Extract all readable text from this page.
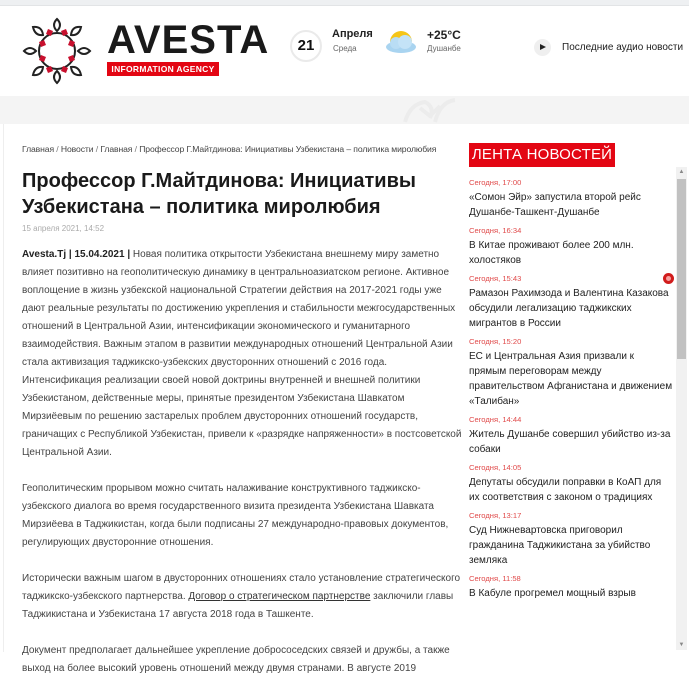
AVESTA
INFORMATION AGENCY
21
Апреля
Среда
+25°C
Душанбе	Последние аудио новости
Главная / Новости / Главная / Профессор Г.Майтдинова: Инициативы Узбекистана – политика миролюбия
Профессор Г.Майтдинова: Инициативы Узбекистана – политика миролюбия
15 апреля 2021, 14:52

Avesta.Tj | 15.04.2021 | Новая политика открытости Узбекистана внешнему миру заметно влияет позитивно на геополитическую динамику в центральноазиатском регионе. Активное воплощение в жизнь узбекской национальной Стратегии действия на 2017-2021 годы уже дают реальные результаты по достижению укрепления и стабильности межгосударственных отношений в Центральной Азии, интенсификации экономического и гуманитарного взаимодействия. Важным этапом в развитии международных отношений Центральной Азии стала активизация таджикско-узбекских двусторонних отношений с 2016 года. Интенсификация реализации своей новой доктрины внутренней и внешней политики Узбекистаном, действенные меры, принятые президентом Узбекистана Шавкатом Мирзиёевым по решению застарелых проблем двусторонних отношений государств, граничащих с Республикой Узбекистан, привели к «разрядке напряженности» в постсоветской Центральной Азии.

Геополитическим прорывом можно считать налаживание конструктивного таджикско-узбекского диалога во время государственного визита президента Узбекистана Шавката Мирзиёева в Таджикистан, когда были подписаны 27 международно-правовых документов, регулирующих двусторонние отношения.

Исторически важным шагом в двусторонних отношениях стало установление стратегического таджикско-узбекского партнерства. Договор о стратегическом партнерстве заключили главы Таджикистана и Узбекистана 17 августа 2018 года в Ташкенте.

Документ предполагает дальнейшее укрепление добрососедских связей и дружбы, а также выход на более высокий уровень отношений между двумя странами. В августе 2019

ЛЕНТА НОВОСТЕЙ
Сегодня, 17:00
«Сомон Эйр» запустила второй рейс Душанбе-Ташкент-Душанбе
Сегодня, 16:34
В Китае проживают более 200 млн. холостяков
Сегодня, 15:43
Рамазон Рахимзода и Валентина Казакова обсудили легализацию таджикских мигрантов в России
Сегодня, 15:20
ЕС и Центральная Азия призвали к прямым переговорам между правительством Афганистана и движением «Талибан»
Сегодня, 14:44
Житель Душанбе совершил убийство из-за собаки
Сегодня, 14:05
Депутаты обсудили поправки в КоАП для их соответствия с законом о традициях
Сегодня, 13:17
Суд Нижневартовска приговорил гражданина Таджикистана за убийство земляка
Сегодня, 11:58
В Кабуле прогремел мощный взрыв
▲
▼
